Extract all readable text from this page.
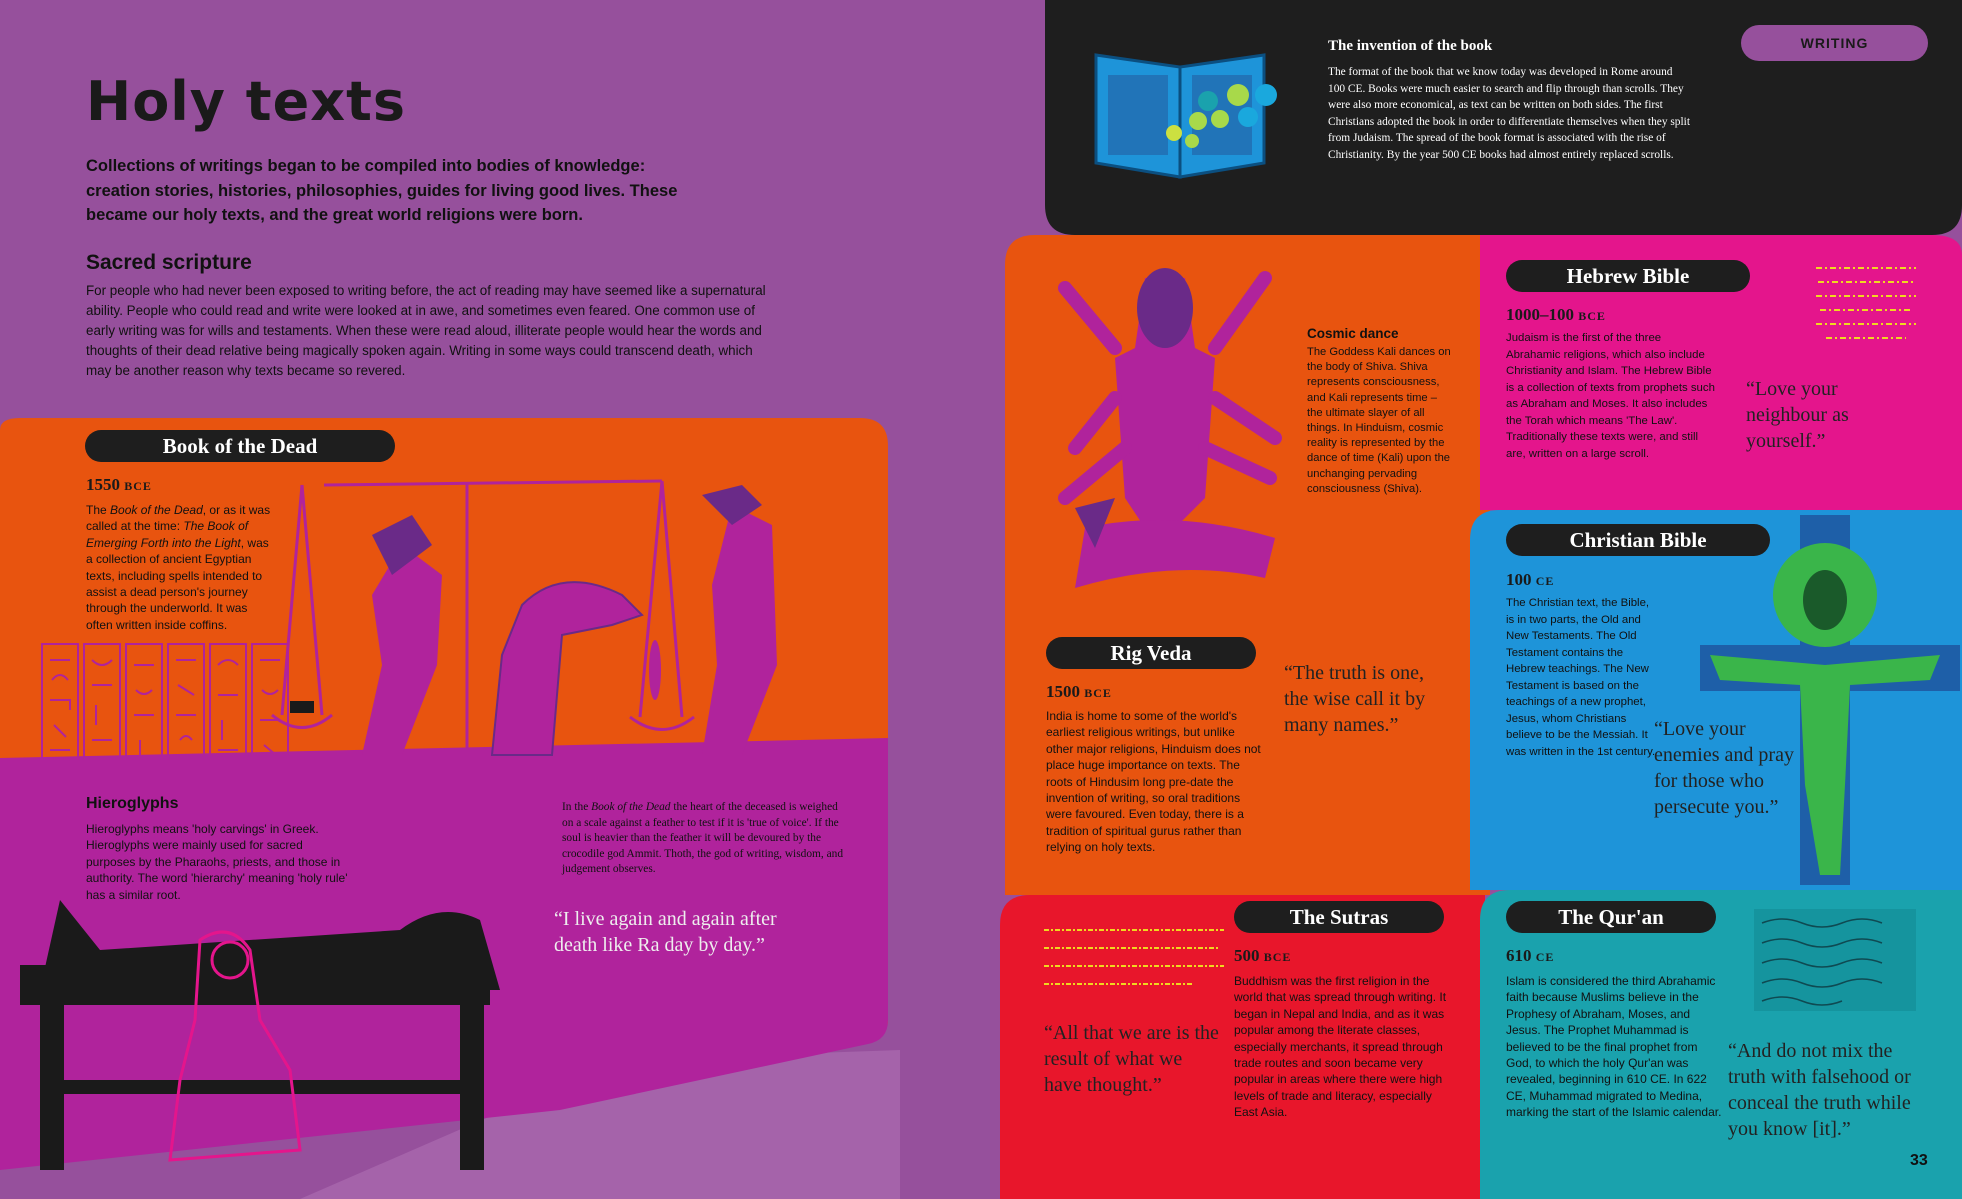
Holy texts
Collections of writings began to be compiled into bodies of knowledge: creation stories, histories, philosophies, guides for living good lives. These became our holy texts, and the great world religions were born.
Sacred scripture
For people who had never been exposed to writing before, the act of reading may have seemed like a supernatural ability. People who could read and write were looked at in awe, and sometimes even feared. One common use of early writing was for wills and testaments. When these were read aloud, illiterate people would hear the words and thoughts of their dead relative being magically spoken again. Writing in some ways could transcend death, which may be another reason why texts became so revered.
WRITING
The invention of the book
The format of the book that we know today was developed in Rome around 100 CE. Books were much easier to search and flip through than scrolls. They were also more economical, as text can be written on both sides. The first Christians adopted the book in order to differentiate themselves when they split from Judaism. The spread of the book format is associated with the rise of Christianity. By the year 500 CE books had almost entirely replaced scrolls.
Book of the Dead
1550 BCE
The Book of the Dead, or as it was called at the time: The Book of Emerging Forth into the Light, was a collection of ancient Egyptian texts, including spells intended to assist a dead person's journey through the underworld. It was often written inside coffins.
Hieroglyphs
Hieroglyphs means 'holy carvings' in Greek. Hieroglyphs were mainly used for sacred purposes by the Pharaohs, priests, and those in authority. The word 'hierarchy' meaning 'holy rule' has a similar root.
In the Book of the Dead the heart of the deceased is weighed on a scale against a feather to test if it is 'true of voice'. If the soul is heavier than the feather it will be devoured by the crocodile god Ammit. Thoth, the god of writing, wisdom, and judgement observes.
“I live again and again after death like Ra day by day.”
Cosmic dance
The Goddess Kali dances on the body of Shiva. Shiva represents consciousness, and Kali represents time – the ultimate slayer of all things. In Hinduism, cosmic reality is represented by the dance of time (Kali) upon the unchanging pervading consciousness (Shiva).
Rig Veda
1500 BCE
India is home to some of the world's earliest religious writings, but unlike other major religions, Hinduism does not place huge importance on texts. The roots of Hindusim long pre-date the invention of writing, so oral traditions were favoured. Even today, there is a tradition of spiritual gurus rather than relying on holy texts.
“The truth is one, the wise call it by many names.”
Hebrew Bible
1000–100 BCE
Judaism is the first of the three Abrahamic religions, which also include Christianity and Islam. The Hebrew Bible is a collection of texts from prophets such as Abraham and Moses. It also includes the Torah which means 'The Law'. Traditionally these texts were, and still are, written on a large scroll.
“Love your neighbour as yourself.”
Christian Bible
100 CE
The Christian text, the Bible, is in two parts, the Old and New Testaments. The Old Testament contains the Hebrew teachings. The New Testament is based on the teachings of a new prophet, Jesus, whom Christians believe to be the Messiah. It was written in the 1st century.
“Love your enemies and pray for those who persecute you.”
The Sutras
500 BCE
Buddhism was the first religion in the world that was spread through writing. It began in Nepal and India, and as it was popular among the literate classes, especially merchants, it spread through trade routes and soon became very popular in areas where there were high levels of trade and literacy, especially East Asia.
“All that we are is the result of what we have thought.”
The Qur'an
610 CE
Islam is considered the third Abrahamic faith because Muslims believe in the Prophesy of Abraham, Moses, and Jesus. The Prophet Muhammad is believed to be the final prophet from God, to which the holy Qur'an was revealed, beginning in 610 CE. In 622 CE, Muhammad migrated to Medina, marking the start of the Islamic calendar.
“And do not mix the truth with falsehood or conceal the truth while you know [it].”
33
